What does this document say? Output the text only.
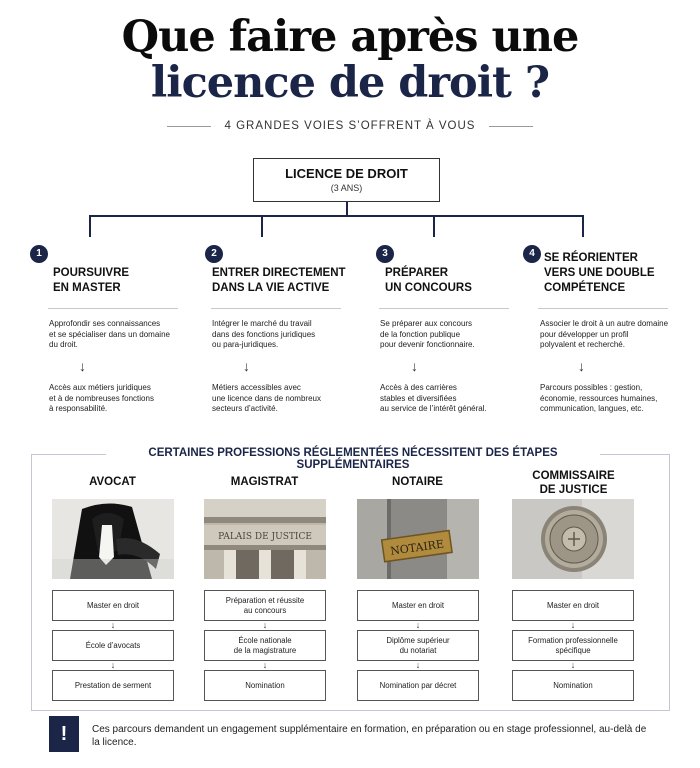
Que faire après une
licence de droit ?
4 GRANDES VOIES S’OFFRENT À VOUS
LICENCE DE DROIT
(3 ANS)
1
POURSUIVRE
EN MASTER
Approfondir ses connaissances
et se spécialiser dans un domaine
du droit.
↓
Accès aux métiers juridiques
et à de nombreuses fonctions
à responsabilité.
2
ENTRER DIRECTEMENT
DANS LA VIE ACTIVE
Intégrer le marché du travail
dans des fonctions juridiques
ou para-juridiques.
↓
Métiers accessibles avec
une licence dans de nombreux
secteurs d’activité.
3
PRÉPARER
UN CONCOURS
Se préparer aux concours
de la fonction publique
pour devenir fonctionnaire.
↓
Accès à des carrières
stables et diversifiées
au service de l’intérêt général.
4 SE RÉORIENTER
VERS UNE DOUBLE
COMPÉTENCE
Associer le droit à un autre domaine
pour développer un profil
polyvalent et recherché.
↓
Parcours possibles : gestion,
économie, ressources humaines,
communication, langues, etc.
CERTAINES PROFESSIONS RÉGLEMENTÉES NÉCESSITENT DES ÉTAPES SUPPLÉMENTAIRES
AVOCAT
Master en droit
↓
École d’avocats
↓
Prestation de serment
MAGISTRAT
PALAIS DE JUSTICE
Préparation et réussite
au concours
↓
École nationale
de la magistrature
↓
Nomination
NOTAIRE
NOTAIRE
Master en droit
↓
Diplôme supérieur
du notariat
↓
Nomination par décret
COMMISSAIRE
DE JUSTICE
Master en droit
↓
Formation professionnelle
spécifique
↓
Nomination
!	Ces parcours demandent un engagement supplémentaire en formation, en préparation ou en stage professionnel, au-delà de la licence.
